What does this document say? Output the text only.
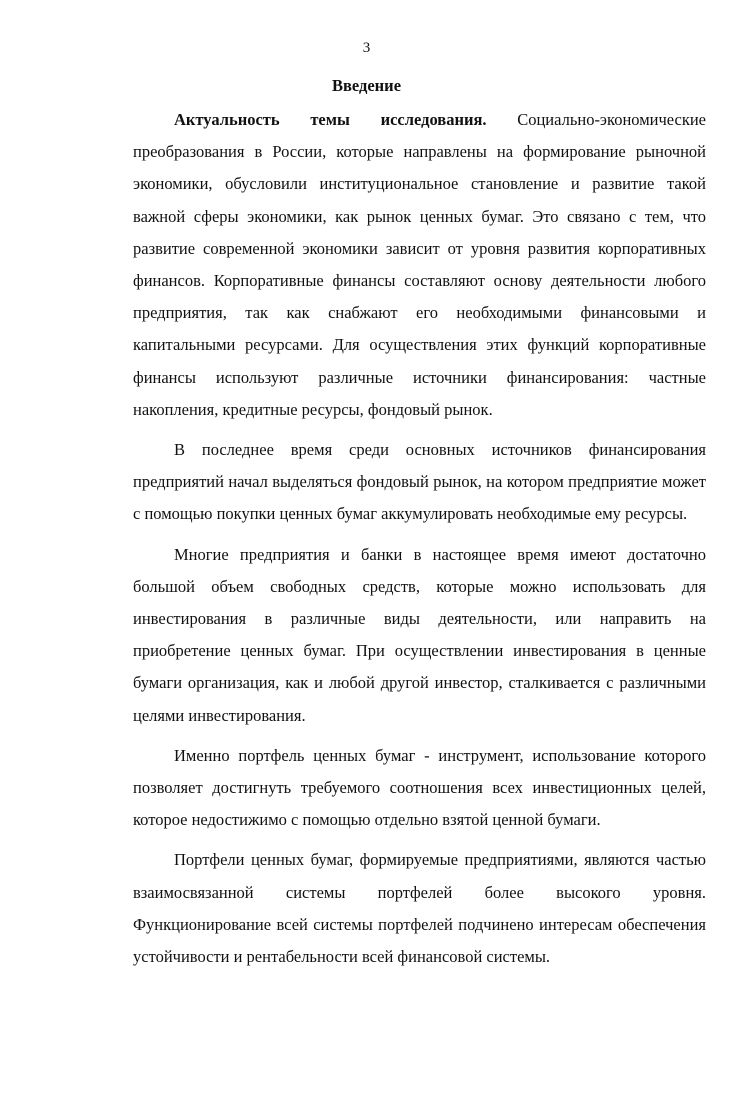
3
Введение

Актуальность темы исследования. Социально-экономические преобразования в России, которые направлены на формирование рыночной экономики, обусловили институциональное становление и развитие такой важной сферы экономики, как рынок ценных бумаг. Это связано с тем, что развитие современной экономики зависит от уровня развития корпоративных финансов. Корпоративные финансы составляют основу деятельности любого предприятия, так как снабжают его необходимыми финансовыми и капитальными ресурсами. Для осуществления этих функций корпоративные финансы используют различные источники финансирования: частные накопления, кредитные ресурсы, фондовый рынок.

В последнее время среди основных источников финансирования предприятий начал выделяться фондовый рынок, на котором предприятие может с помощью покупки ценных бумаг аккумулировать необходимые ему ресурсы.

Многие предприятия и банки в настоящее время имеют достаточно большой объем свободных средств, которые можно использовать для инвестирования в различные виды деятельности, или направить на приобретение ценных бумаг. При осуществлении инвестирования в ценные бумаги организация, как и любой другой инвестор, сталкивается с различными целями инвестирования.

Именно портфель ценных бумаг - инструмент, использование которого позволяет достигнуть требуемого соотношения всех инвестиционных целей, которое недостижимо с помощью отдельно взятой ценной бумаги.

Портфели ценных бумаг, формируемые предприятиями, являются частью взаимосвязанной системы портфелей более высокого уровня. Функционирование всей системы портфелей подчинено интересам обеспечения устойчивости и рентабельности всей финансовой системы.
